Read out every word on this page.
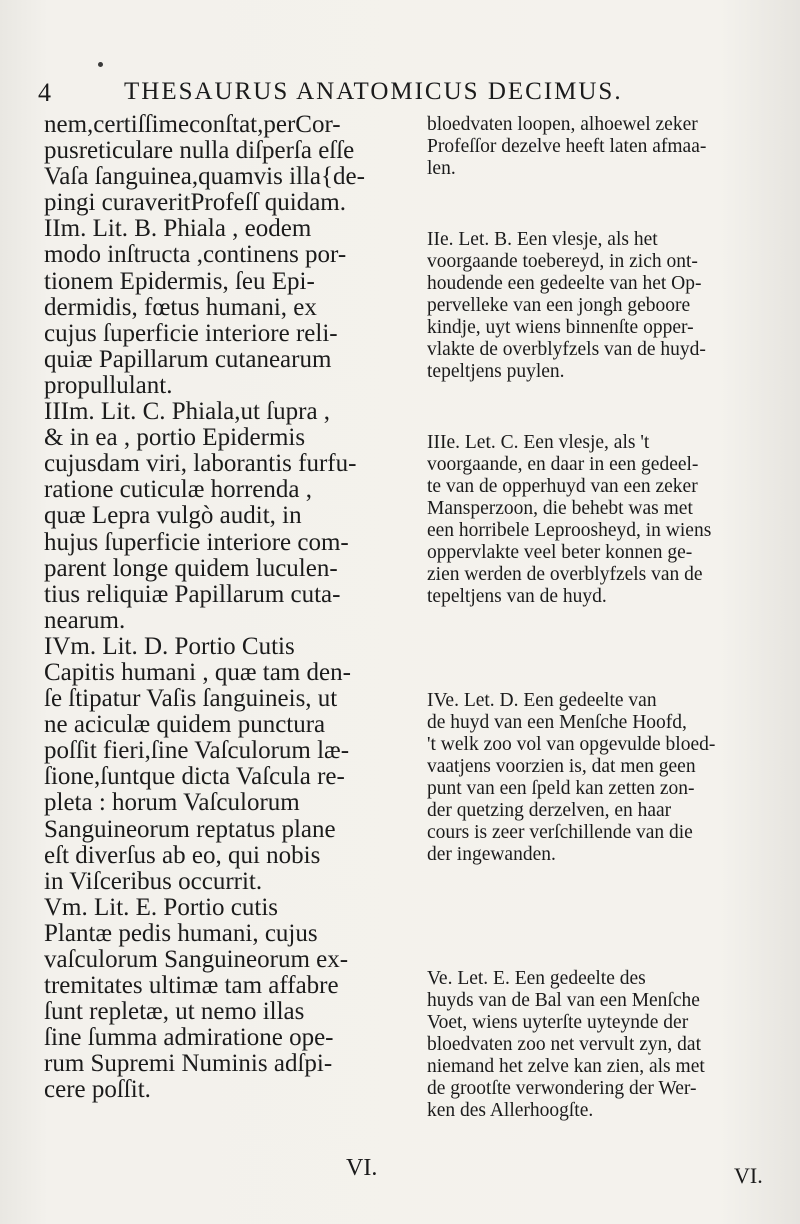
4	THESAURUS ANATOMICUS DECIMUS.
nem,certiſſimeconſtat,perCor-
pusreticulare nulla diſperſa eſſe
Vaſa ſanguinea,quamvis illa{de-
pingi curaveritProfeſſ quidam.
IIm. Lit. B. Phiala , eodem
modo inſtructa ,continens por-
tionem Epidermis, ſeu Epi-
dermidis, fœtus humani, ex
cujus ſuperficie interiore reli-
quiæ Papillarum cutanearum
propullulant.
IIIm. Lit. C. Phiala,ut ſupra ,
& in ea , portio Epidermis
cujusdam viri, laborantis furfu-
ratione cuticulæ horrenda ,
quæ Lepra vulgò audit, in
hujus ſuperficie interiore com-
parent longe quidem luculen-
tius reliquiæ Papillarum cuta-
nearum.
IVm. Lit. D. Portio Cutis
Capitis humani , quæ tam den-
ſe ſtipatur Vaſis ſanguineis, ut
ne aciculæ quidem punctura
poſſit fieri,ſine Vaſculorum læ-
ſione,ſuntque dicta Vaſcula re-
pleta : horum Vaſculorum
Sanguineorum reptatus plane
eſt diverſus ab eo, qui nobis
in Viſceribus occurrit.
Vm. Lit. E. Portio cutis
Plantæ pedis humani, cujus
vaſculorum Sanguineorum ex-
tremitates ultimæ tam affabre
ſunt repletæ, ut nemo illas
ſine ſumma admiratione ope-
rum Supremi Numinis adſpi-
cere poſſit.
VI.
bloedvaten loopen, alhoewel zeker
Profeſſor dezelve heeft laten afmaa-
len.
IIe. Let. B. Een vlesje, als het
voorgaande toebereyd, in zich ont-
houdende een gedeelte van het Op-
pervelleke van een jongh geboore
kindje, uyt wiens binnenſte opper-
vlakte de overblyfzels van de huyd-
tepeltjens puylen.
IIIe. Let. C. Een vlesje, als 't
voorgaande, en daar in een gedeel-
te van de opperhuyd van een zeker
Mansperzoon, die behebt was met
een horribele Leproosheyd, in wiens
oppervlakte veel beter konnen ge-
zien werden de overblyfzels van de
tepeltjens van de huyd.
IVe. Let. D. Een gedeelte van
de huyd van een Menſche Hoofd,
't welk zoo vol van opgevulde bloed-
vaatjens voorzien is, dat men geen
punt van een ſpeld kan zetten zon-
der quetzing derzelven, en haar
cours is zeer verſchillende van die
der ingewanden.
Ve. Let. E. Een gedeelte des
huyds van de Bal van een Menſche
Voet, wiens uyterſte uyteynde der
bloedvaten zoo net vervult zyn, dat
niemand het zelve kan zien, als met
de grootſte verwondering der Wer-
ken des Allerhoogſte.
VI.
